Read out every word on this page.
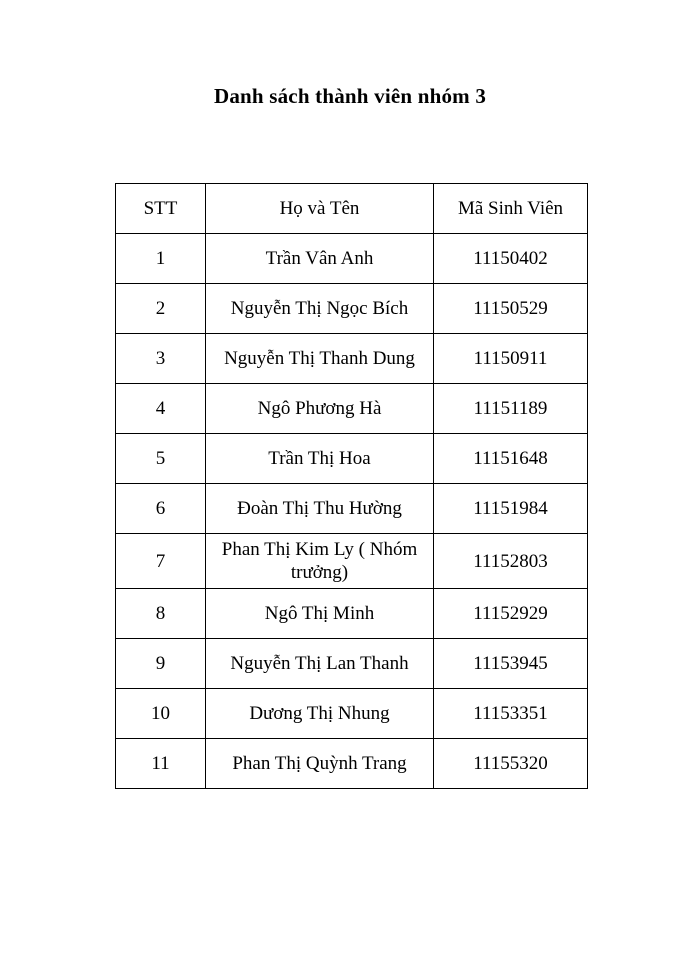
Danh sách thành viên nhóm 3
STT	Họ và Tên	Mã Sinh Viên
1	Trần Vân Anh	11150402
2	Nguyễn Thị Ngọc Bích	11150529
3	Nguyễn Thị Thanh Dung	11150911
4	Ngô Phương Hà	11151189
5	Trần Thị Hoa	11151648
6	Đoàn Thị Thu Hường	11151984
7	Phan Thị Kim Ly ( Nhóm trưởng)	11152803
8	Ngô Thị Minh	11152929
9	Nguyễn Thị Lan Thanh	11153945
10	Dương Thị Nhung	11153351
11	Phan Thị Quỳnh Trang	11155320
